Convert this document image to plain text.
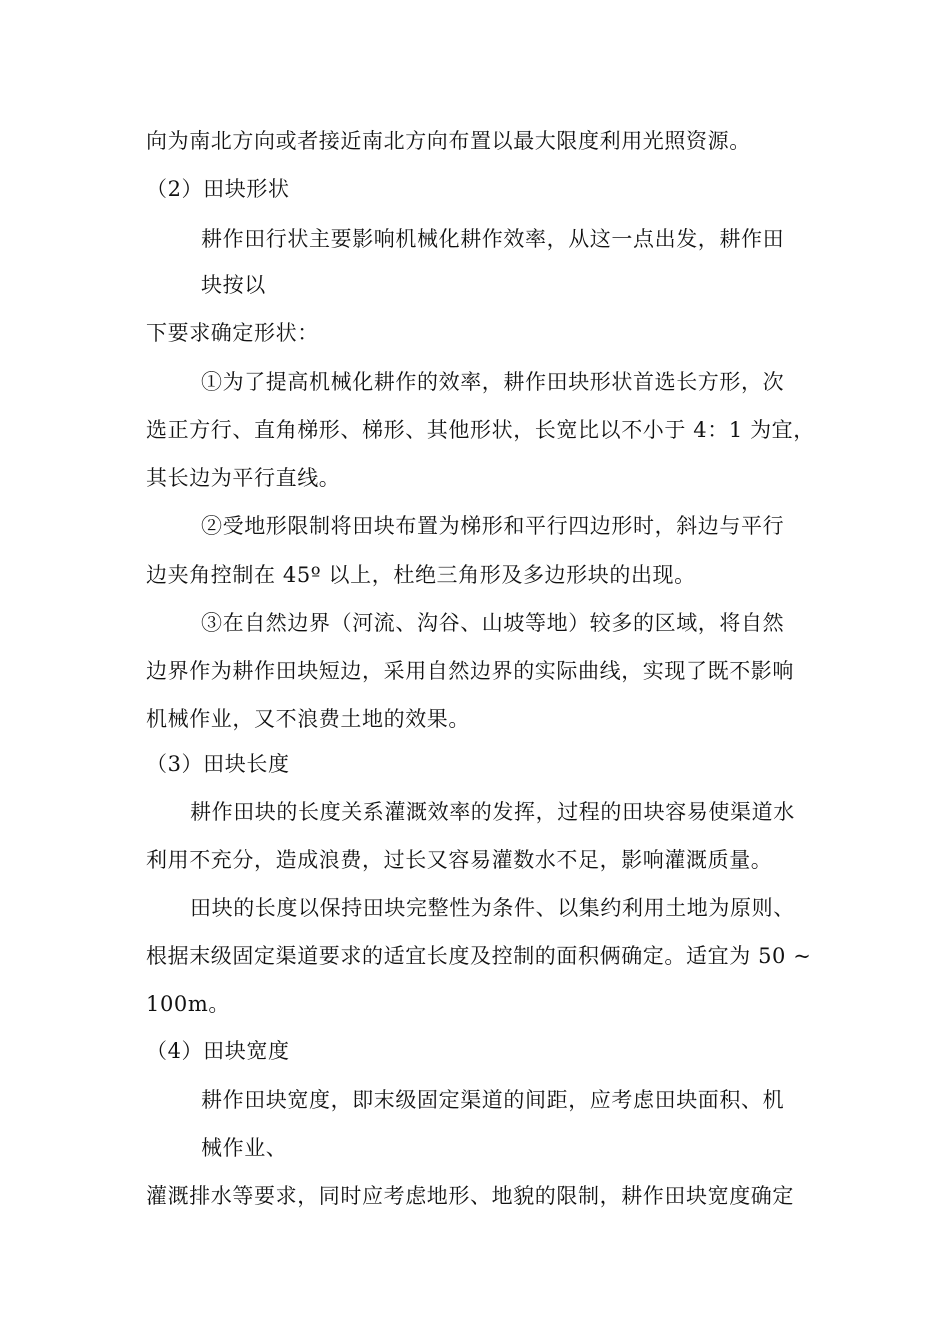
向为南北方向或者接近南北方向布置以最大限度利用光照资源。
（2）田块形状
耕作田行状主要影响机械化耕作效率，从这一点出发，耕作田
块按以
下要求确定形状：
①为了提高机械化耕作的效率，耕作田块形状首选长方形，次
选正方行、直角梯形、梯形、其他形状，长宽比以不小于 4：1 为宜，
其长边为平行直线。
②受地形限制将田块布置为梯形和平行四边形时，斜边与平行
边夹角控制在 45º 以上，杜绝三角形及多边形块的出现。
③在自然边界（河流、沟谷、山坡等地）较多的区域，将自然
边界作为耕作田块短边，采用自然边界的实际曲线，实现了既不影响
机械作业，又不浪费土地的效果。
（3）田块长度
耕作田块的长度关系灌溉效率的发挥，过程的田块容易使渠道水
利用不充分，造成浪费，过长又容易灌数水不足，影响灌溉质量。
田块的长度以保持田块完整性为条件、以集约利用土地为原则、
根据末级固定渠道要求的适宜长度及控制的面积俩确定。适宜为 50 ~
100m。
（4）田块宽度
耕作田块宽度，即末级固定渠道的间距，应考虑田块面积、机
械作业、
灌溉排水等要求，同时应考虑地形、地貌的限制，耕作田块宽度确定
